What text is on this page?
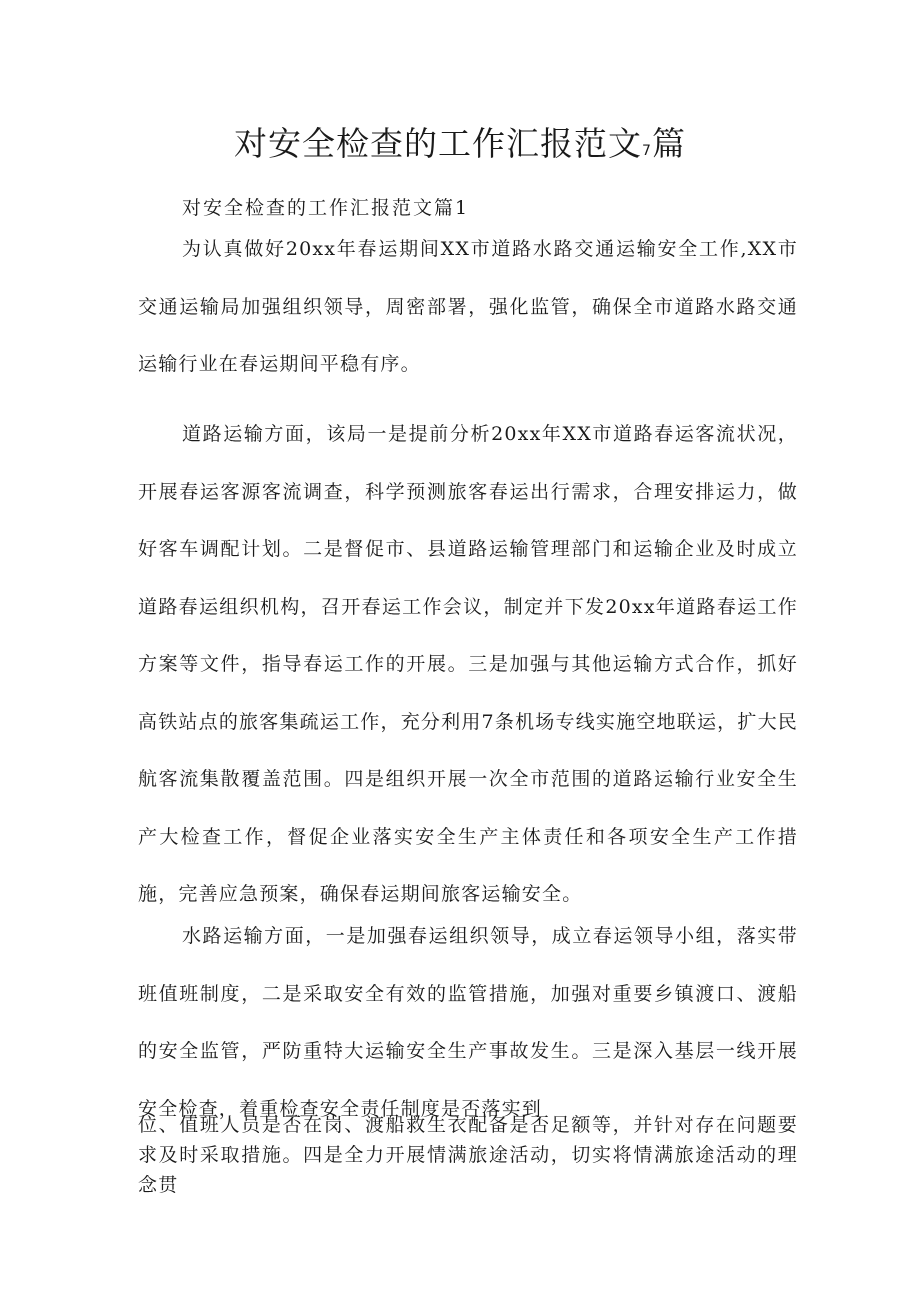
对安全检查的工作汇报范文7篇

对安全检查的工作汇报范文篇1

为认真做好20xx年春运期间XX市道路水路交通运输安全工作,XX市交通运输局加强组织领导，周密部署，强化监管，确保全市道路水路交通运输行业在春运期间平稳有序。

道路运输方面，该局一是提前分析20xx年XX市道路春运客流状况，开展春运客源客流调查，科学预测旅客春运出行需求，合理安排运力，做好客车调配计划。二是督促市、县道路运输管理部门和运输企业及时成立道路春运组织机构，召开春运工作会议，制定并下发20xx年道路春运工作方案等文件，指导春运工作的开展。三是加强与其他运输方式合作，抓好高铁站点的旅客集疏运工作，充分利用7条机场专线实施空地联运，扩大民航客流集散覆盖范围。四是组织开展一次全市范围的道路运输行业安全生产大检查工作，督促企业落实安全生产主体责任和各项安全生产工作措施，完善应急预案，确保春运期间旅客运输安全。

水路运输方面，一是加强春运组织领导，成立春运领导小组，落实带班值班制度，二是采取安全有效的监管措施，加强对重要乡镇渡口、渡船的安全监管，严防重特大运输安全生产事故发生。三是深入基层一线开展安全检查，着重检查安全责任制度是否落实到

位、值班人员是否在岗、渡船救生衣配备是否足额等，并针对存在问题要求及时采取措施。四是全力开展情满旅途活动，切实将情满旅途活动的理念贯
